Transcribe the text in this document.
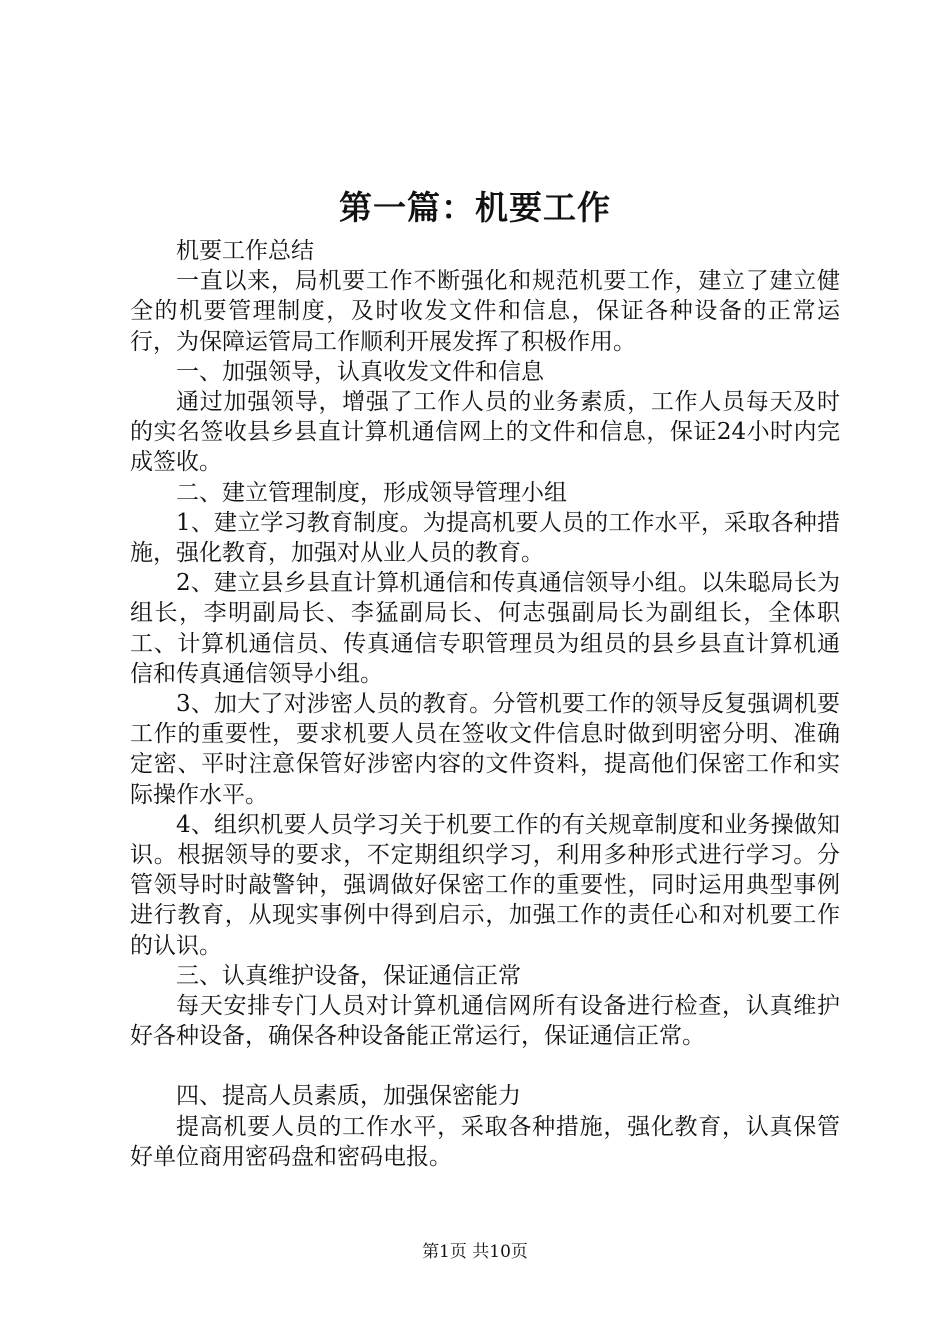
第一篇：机要工作

机要工作总结

一直以来，局机要工作不断强化和规范机要工作，建立了建立健全的机要管理制度，及时收发文件和信息，保证各种设备的正常运行，为保障运管局工作顺利开展发挥了积极作用。

一、加强领导，认真收发文件和信息

通过加强领导，增强了工作人员的业务素质，工作人员每天及时的实名签收县乡县直计算机通信网上的文件和信息，保证24小时内完成签收。

二、建立管理制度，形成领导管理小组

1、建立学习教育制度。为提高机要人员的工作水平，采取各种措施，强化教育，加强对从业人员的教育。

2、建立县乡县直计算机通信和传真通信领导小组。以朱聪局长为组长，李明副局长、李猛副局长、何志强副局长为副组长，全体职工、计算机通信员、传真通信专职管理员为组员的县乡县直计算机通信和传真通信领导小组。

3、加大了对涉密人员的教育。分管机要工作的领导反复强调机要工作的重要性，要求机要人员在签收文件信息时做到明密分明、准确定密、平时注意保管好涉密内容的文件资料，提高他们保密工作和实际操作水平。

4、组织机要人员学习关于机要工作的有关规章制度和业务操做知识。根据领导的要求，不定期组织学习，利用多种形式进行学习。分管领导时时敲警钟，强调做好保密工作的重要性，同时运用典型事例进行教育，从现实事例中得到启示，加强工作的责任心和对机要工作的认识。

三、认真维护设备，保证通信正常

每天安排专门人员对计算机通信网所有设备进行检查，认真维护好各种设备，确保各种设备能正常运行，保证通信正常。

四、提高人员素质，加强保密能力

提高机要人员的工作水平，采取各种措施，强化教育，认真保管好单位商用密码盘和密码电报。

第1页 共10页
